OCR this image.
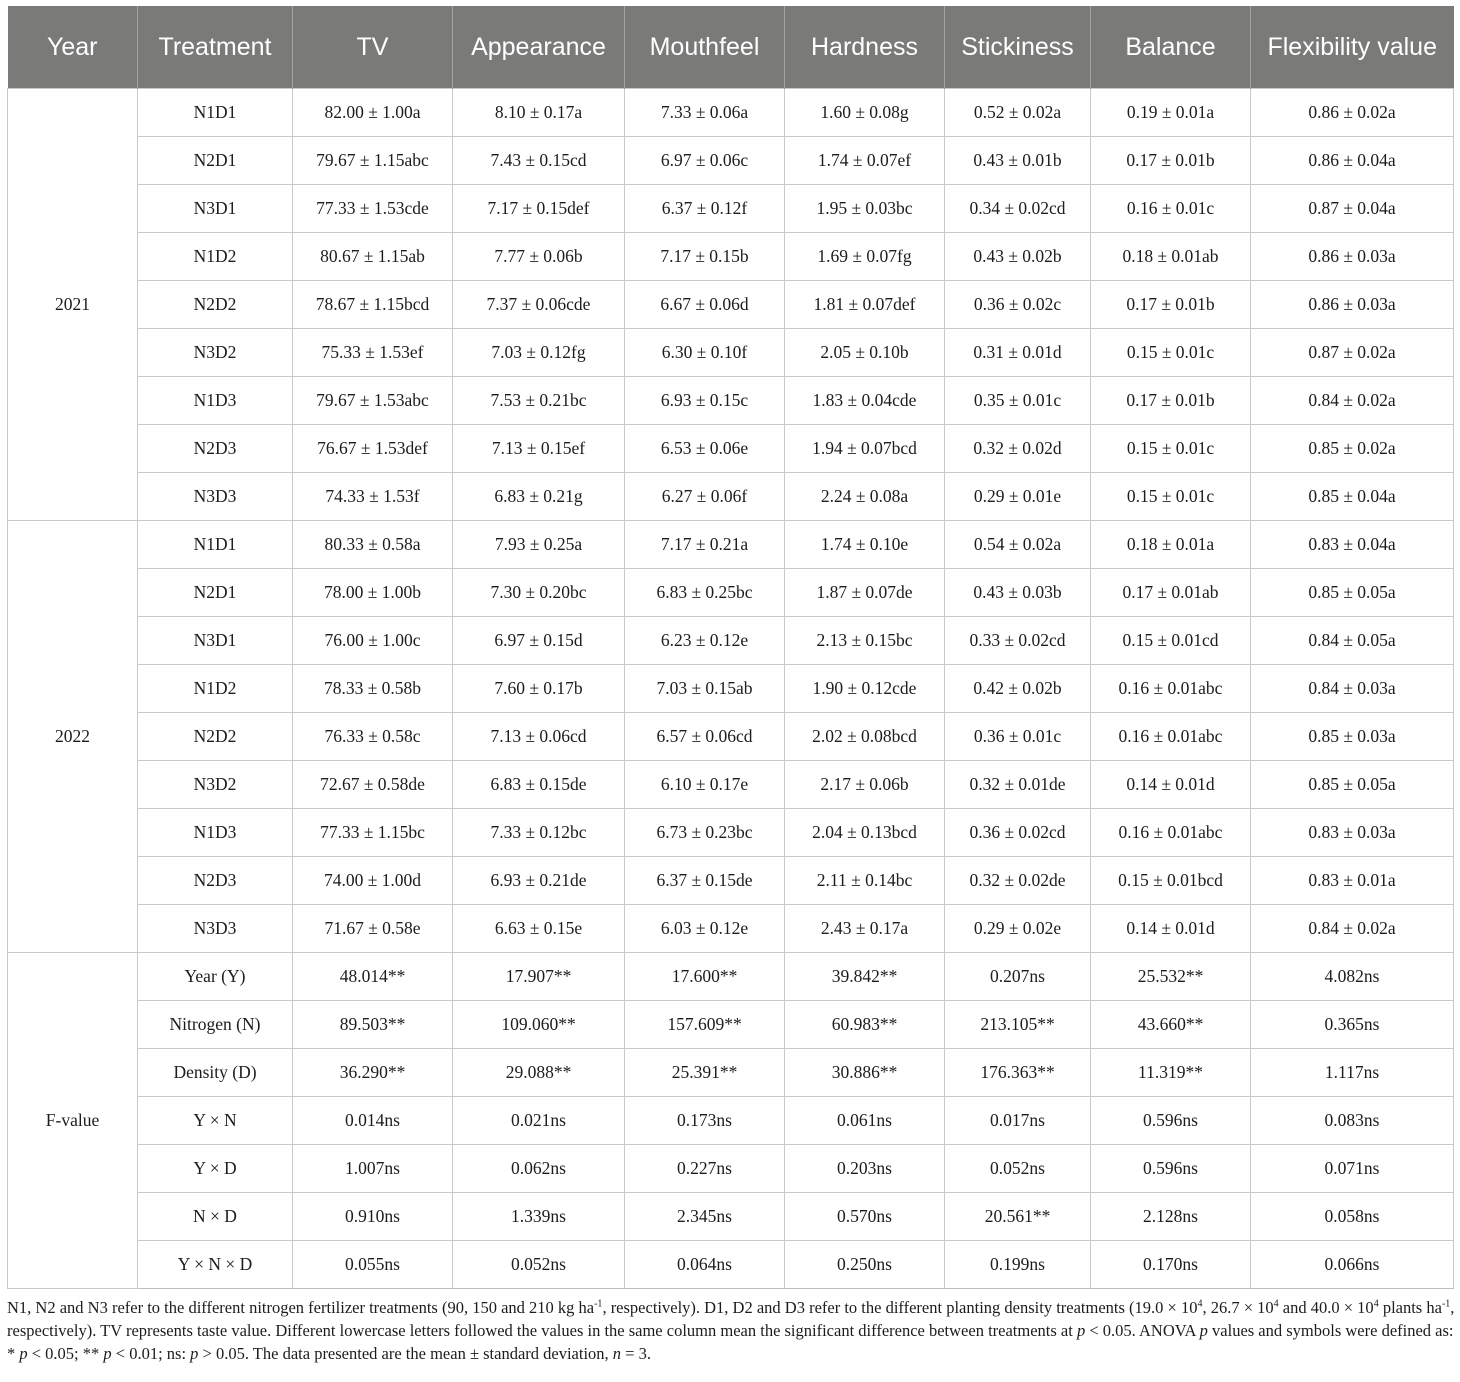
Year	Treatment	TV	Appearance	Mouthfeel	Hardness	Stickiness	Balance	Flexibility value
2021	N1D1	82.00 ± 1.00a	8.10 ± 0.17a	7.33 ± 0.06a	1.60 ± 0.08g	0.52 ± 0.02a	0.19 ± 0.01a	0.86 ± 0.02a
	N2D1	79.67 ± 1.15abc	7.43 ± 0.15cd	6.97 ± 0.06c	1.74 ± 0.07ef	0.43 ± 0.01b	0.17 ± 0.01b	0.86 ± 0.04a
	N3D1	77.33 ± 1.53cde	7.17 ± 0.15def	6.37 ± 0.12f	1.95 ± 0.03bc	0.34 ± 0.02cd	0.16 ± 0.01c	0.87 ± 0.04a
	N1D2	80.67 ± 1.15ab	7.77 ± 0.06b	7.17 ± 0.15b	1.69 ± 0.07fg	0.43 ± 0.02b	0.18 ± 0.01ab	0.86 ± 0.03a
	N2D2	78.67 ± 1.15bcd	7.37 ± 0.06cde	6.67 ± 0.06d	1.81 ± 0.07def	0.36 ± 0.02c	0.17 ± 0.01b	0.86 ± 0.03a
	N3D2	75.33 ± 1.53ef	7.03 ± 0.12fg	6.30 ± 0.10f	2.05 ± 0.10b	0.31 ± 0.01d	0.15 ± 0.01c	0.87 ± 0.02a
	N1D3	79.67 ± 1.53abc	7.53 ± 0.21bc	6.93 ± 0.15c	1.83 ± 0.04cde	0.35 ± 0.01c	0.17 ± 0.01b	0.84 ± 0.02a
	N2D3	76.67 ± 1.53def	7.13 ± 0.15ef	6.53 ± 0.06e	1.94 ± 0.07bcd	0.32 ± 0.02d	0.15 ± 0.01c	0.85 ± 0.02a
	N3D3	74.33 ± 1.53f	6.83 ± 0.21g	6.27 ± 0.06f	2.24 ± 0.08a	0.29 ± 0.01e	0.15 ± 0.01c	0.85 ± 0.04a
2022	N1D1	80.33 ± 0.58a	7.93 ± 0.25a	7.17 ± 0.21a	1.74 ± 0.10e	0.54 ± 0.02a	0.18 ± 0.01a	0.83 ± 0.04a
	N2D1	78.00 ± 1.00b	7.30 ± 0.20bc	6.83 ± 0.25bc	1.87 ± 0.07de	0.43 ± 0.03b	0.17 ± 0.01ab	0.85 ± 0.05a
	N3D1	76.00 ± 1.00c	6.97 ± 0.15d	6.23 ± 0.12e	2.13 ± 0.15bc	0.33 ± 0.02cd	0.15 ± 0.01cd	0.84 ± 0.05a
	N1D2	78.33 ± 0.58b	7.60 ± 0.17b	7.03 ± 0.15ab	1.90 ± 0.12cde	0.42 ± 0.02b	0.16 ± 0.01abc	0.84 ± 0.03a
	N2D2	76.33 ± 0.58c	7.13 ± 0.06cd	6.57 ± 0.06cd	2.02 ± 0.08bcd	0.36 ± 0.01c	0.16 ± 0.01abc	0.85 ± 0.03a
	N3D2	72.67 ± 0.58de	6.83 ± 0.15de	6.10 ± 0.17e	2.17 ± 0.06b	0.32 ± 0.01de	0.14 ± 0.01d	0.85 ± 0.05a
	N1D3	77.33 ± 1.15bc	7.33 ± 0.12bc	6.73 ± 0.23bc	2.04 ± 0.13bcd	0.36 ± 0.02cd	0.16 ± 0.01abc	0.83 ± 0.03a
	N2D3	74.00 ± 1.00d	6.93 ± 0.21de	6.37 ± 0.15de	2.11 ± 0.14bc	0.32 ± 0.02de	0.15 ± 0.01bcd	0.83 ± 0.01a
	N3D3	71.67 ± 0.58e	6.63 ± 0.15e	6.03 ± 0.12e	2.43 ± 0.17a	0.29 ± 0.02e	0.14 ± 0.01d	0.84 ± 0.02a
F-value	Year (Y)	48.014**	17.907**	17.600**	39.842**	0.207ns	25.532**	4.082ns
	Nitrogen (N)	89.503**	109.060**	157.609**	60.983**	213.105**	43.660**	0.365ns
	Density (D)	36.290**	29.088**	25.391**	30.886**	176.363**	11.319**	1.117ns
	Y × N	0.014ns	0.021ns	0.173ns	0.061ns	0.017ns	0.596ns	0.083ns
	Y × D	1.007ns	0.062ns	0.227ns	0.203ns	0.052ns	0.596ns	0.071ns
	N × D	0.910ns	1.339ns	2.345ns	0.570ns	20.561**	2.128ns	0.058ns
	Y × N × D	0.055ns	0.052ns	0.064ns	0.250ns	0.199ns	0.170ns	0.066ns
N1, N2 and N3 refer to the different nitrogen fertilizer treatments (90, 150 and 210 kg $ha^{-1}$, respectively). D1, D2 and D3 refer to the different planting density treatments ($19.0 \times 10^4$, $26.7 \times 10^4$ and $40.0 \times 10^4$ plants $ha^{-1}$, respectively). TV represents taste value. Different lowercase letters followed the values in the same column mean the significant difference between treatments at p < 0.05. ANOVA p values and symbols were defined as: * p < 0.05; ** p < 0.01; ns: p > 0.05. The data presented are the mean ± standard deviation, n = 3.
